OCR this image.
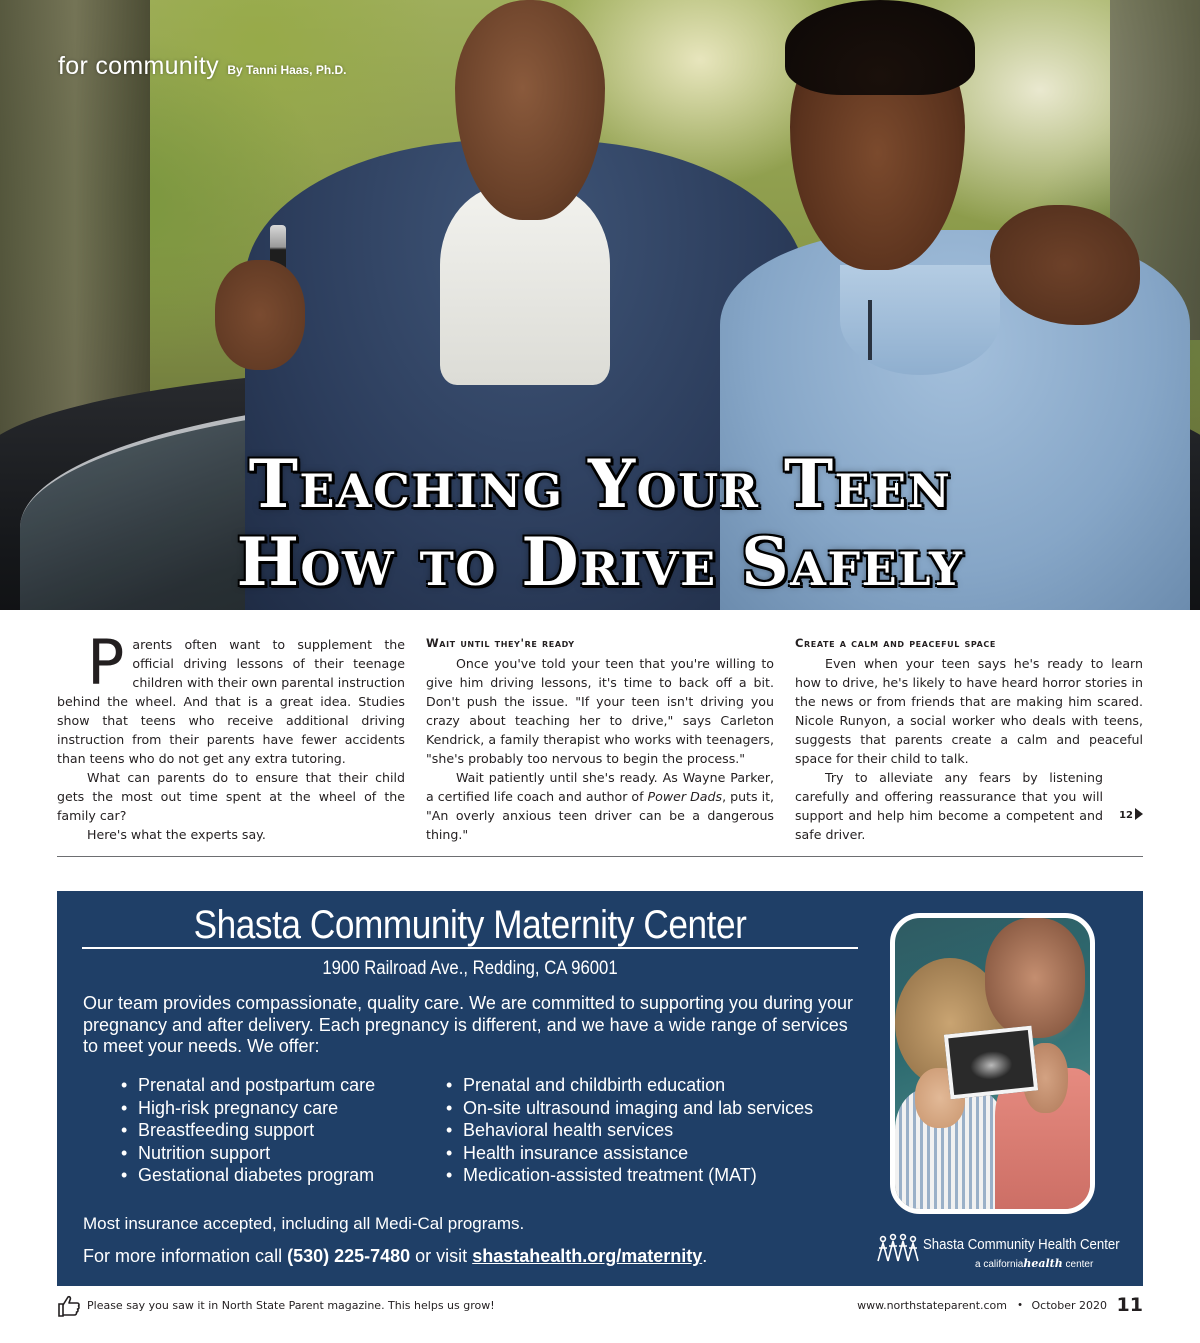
for community By Tanni Haas, Ph.D.
Teaching Your Teen
How to Drive Safely

Parents often want to supplement the official driving lessons of their teenage children with their own parental instruction behind the wheel. And that is a great idea. Studies show that teens who receive additional driving instruction from their parents have fewer accidents than teens who do not get any extra tutoring.

What can parents do to ensure that their child gets the most out time spent at the wheel of the family car?

Here's what the experts say.

Wait until they're ready

Once you've told your teen that you're willing to give him driving lessons, it's time to back off a bit. Don't push the issue. "If your teen isn't driving you crazy about teaching her to drive," says Carleton Kendrick, a family therapist who works with teenagers, "she's probably too nervous to begin the process."

Wait patiently until she's ready. As Wayne Parker, a certified life coach and author of Power Dads, puts it, "An overly anxious teen driver can be a dangerous thing."

Create a calm and peaceful space

Even when your teen says he's ready to learn how to drive, he's likely to have heard horror stories in the news or from friends that are making him scared. Nicole Runyon, a social worker who deals with teens, suggests that parents create a calm and peaceful space for their child to talk.

Try to alleviate any fears by listening carefully and offering reassurance that you will support and help him become a competent and safe driver.

12
Shasta Community Maternity Center
1900 Railroad Ave., Redding, CA 96001
Our team provides compassionate, quality care. We are committed to supporting you during your pregnancy and after delivery. Each pregnancy is different, and we have a wide range of services to meet your needs. We offer:
• Prenatal and postpartum care
• High-risk pregnancy care
• Breastfeeding support
• Nutrition support
• Gestational diabetes program
• Prenatal and childbirth education
• On-site ultrasound imaging and lab services
• Behavioral health services
• Health insurance assistance
• Medication-assisted treatment (MAT)
Most insurance accepted, including all Medi-Cal programs.
For more information call (530) 225-7480 or visit shastahealth.org/maternity.
Shasta Community Health Center
a californiahealth center
Please say you saw it in North State Parent magazine. This helps us grow!	www.northstateparent.com • October 2020 11
